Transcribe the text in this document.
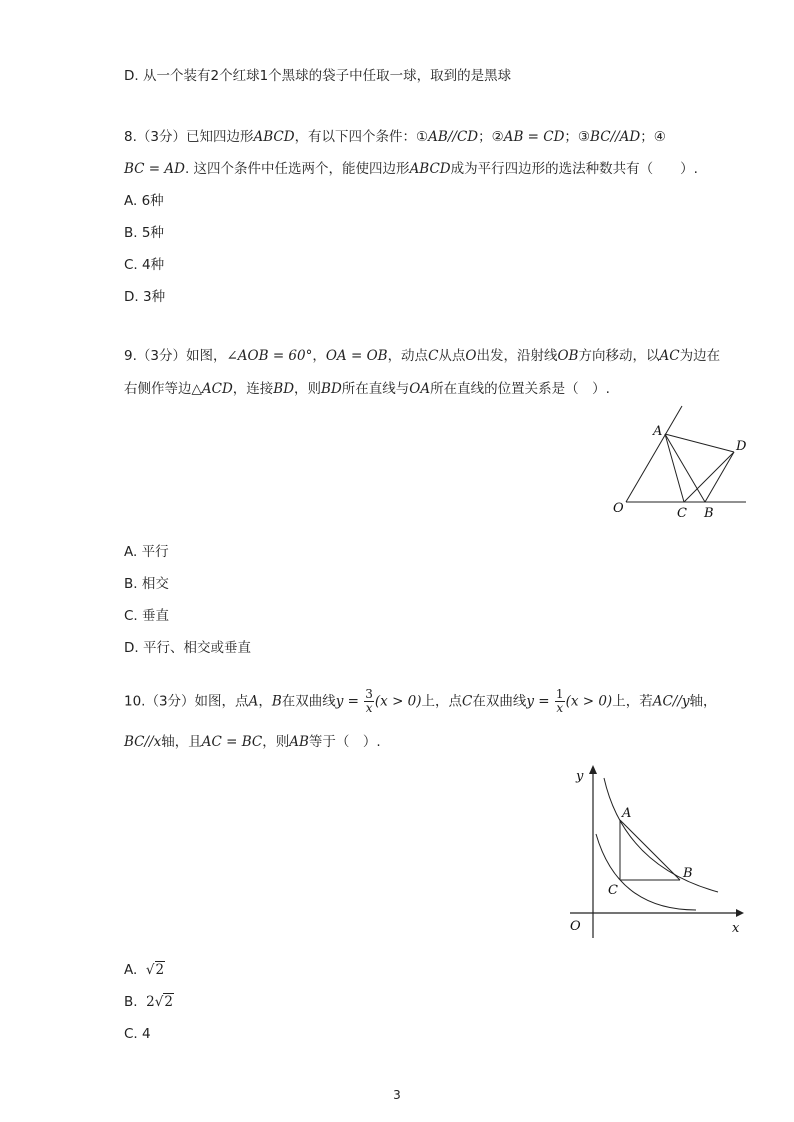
D. 从一个装有2个红球1个黑球的袋子中任取一球，取到的是黑球
8.（3分）已知四边形ABCD，有以下四个条件：①AB//CD；②AB = CD；③BC//AD；④
BC = AD. 这四个条件中任选两个，能使四边形ABCD成为平行四边形的选法种数共有（　　）.
A. 6种
B. 5种
C. 4种
D. 3种
9.（3分）如图，∠AOB = 60°，OA = OB，动点C从点O出发，沿射线OB方向移动，以AC为边在
右侧作等边△ACD，连接BD，则BD所在直线与OA所在直线的位置关系是（　）.
A
D
O	C B
A. 平行
B. 相交
C. 垂直
D. 平行、相交或垂直
10.（3分）如图，点A，B在双曲线$y = \frac{3}{x} (x > 0)$上，点C在双曲线$y = \frac{1}{x} (x > 0)$上，若AC//y轴，
BC//x轴，且AC = BC，则AB等于（　）.
y
A
B
C
O	x
A. √2
B. 2√2
C. 4
3
